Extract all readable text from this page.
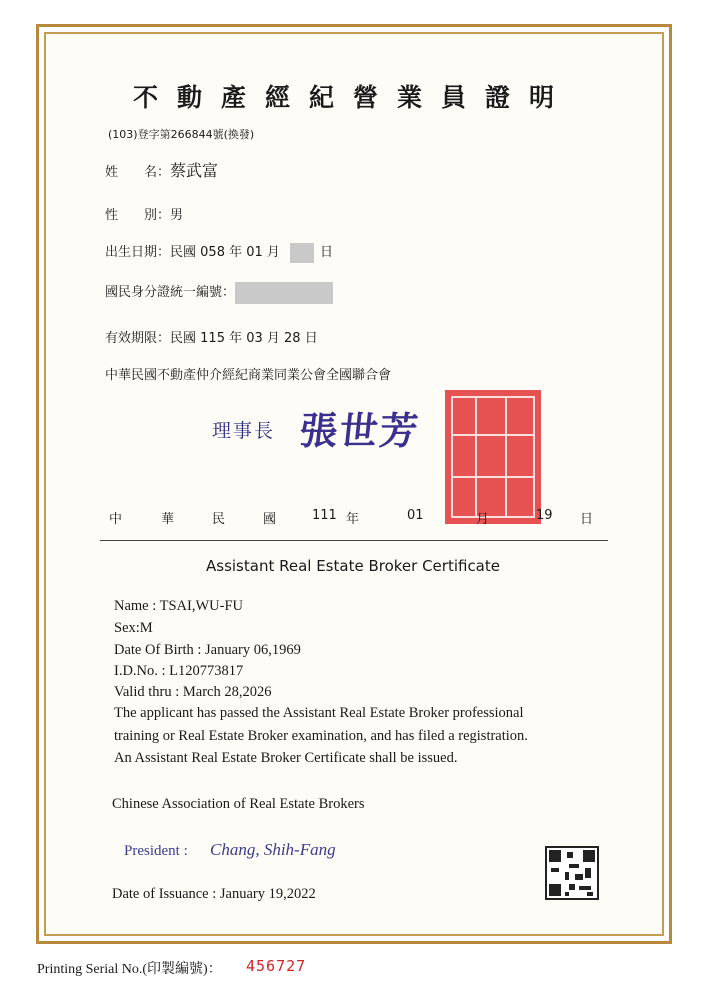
不動產經紀營業員證明
(103)登字第266844號(換發)
姓　　名：蔡武富
性　　別：男
出生日期：民國 058 年 01 月	日
國民身分證統一編號：
有效期限：民國 115 年 03 月 28 日
中華民國不動產仲介經紀商業同業公會全國聯合會
理事長 張世芳
中	華	民	國	111 年	01	月	19 日
Assistant Real Estate Broker Certificate
Name : TSAI,WU-FU
Sex:M
Date Of Birth : January 06,1969
I.D.No. : L120773817
Valid thru : March 28,2026
The applicant has passed the Assistant Real Estate Broker professional
training or Real Estate Broker examination, and has filed a registration.
An Assistant Real Estate Broker Certificate shall be issued.
Chinese Association of Real Estate Brokers
President : Chang, Shih-Fang
Date of Issuance : January 19,2022
Printing Serial No.(印製編號)： 456727
